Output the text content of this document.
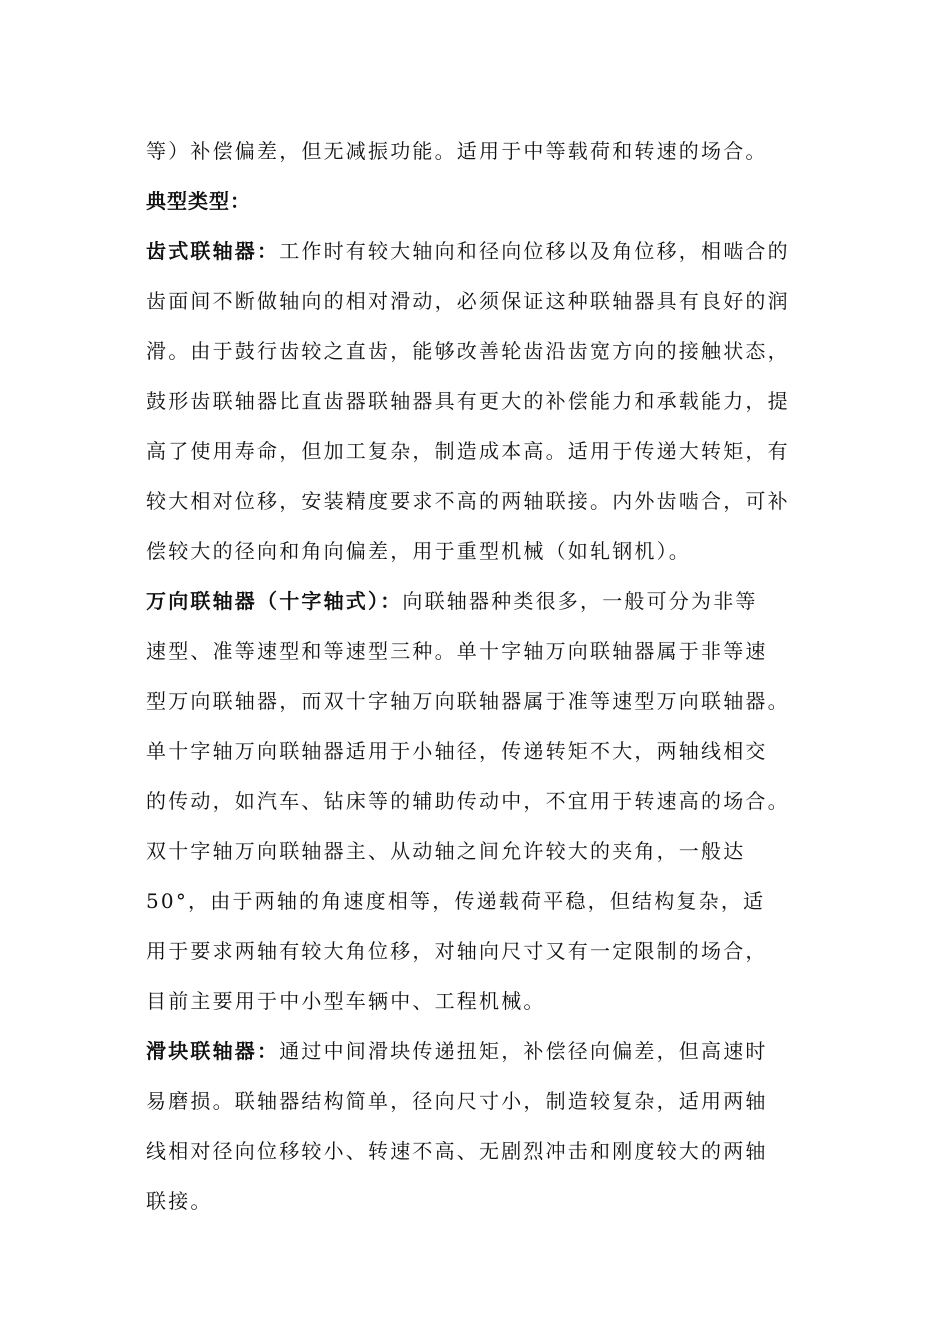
等）补偿偏差，但无减振功能。适用于中等载荷和转速的场合。
典型类型：
齿式联轴器：工作时有较大轴向和径向位移以及角位移，相啮合的
齿面间不断做轴向的相对滑动，必须保证这种联轴器具有良好的润
滑。由于鼓行齿较之直齿，能够改善轮齿沿齿宽方向的接触状态，
鼓形齿联轴器比直齿器联轴器具有更大的补偿能力和承载能力，提
高了使用寿命，但加工复杂，制造成本高。适用于传递大转矩，有
较大相对位移，安装精度要求不高的两轴联接。内外齿啮合，可补
偿较大的径向和角向偏差，用于重型机械（如轧钢机）。
万向联轴器（十字轴式）：向联轴器种类很多，一般可分为非等
速型、准等速型和等速型三种。单十字轴万向联轴器属于非等速
型万向联轴器，而双十字轴万向联轴器属于准等速型万向联轴器。
单十字轴万向联轴器适用于小轴径，传递转矩不大，两轴线相交
的传动，如汽车、钻床等的辅助传动中，不宜用于转速高的场合。
双十字轴万向联轴器主、从动轴之间允许较大的夹角，一般达
50°，由于两轴的角速度相等，传递载荷平稳，但结构复杂，适
用于要求两轴有较大角位移，对轴向尺寸又有一定限制的场合，
目前主要用于中小型车辆中、工程机械。
滑块联轴器：通过中间滑块传递扭矩，补偿径向偏差，但高速时
易磨损。联轴器结构简单，径向尺寸小，制造较复杂，适用两轴
线相对径向位移较小、转速不高、无剧烈冲击和刚度较大的两轴
联接。
